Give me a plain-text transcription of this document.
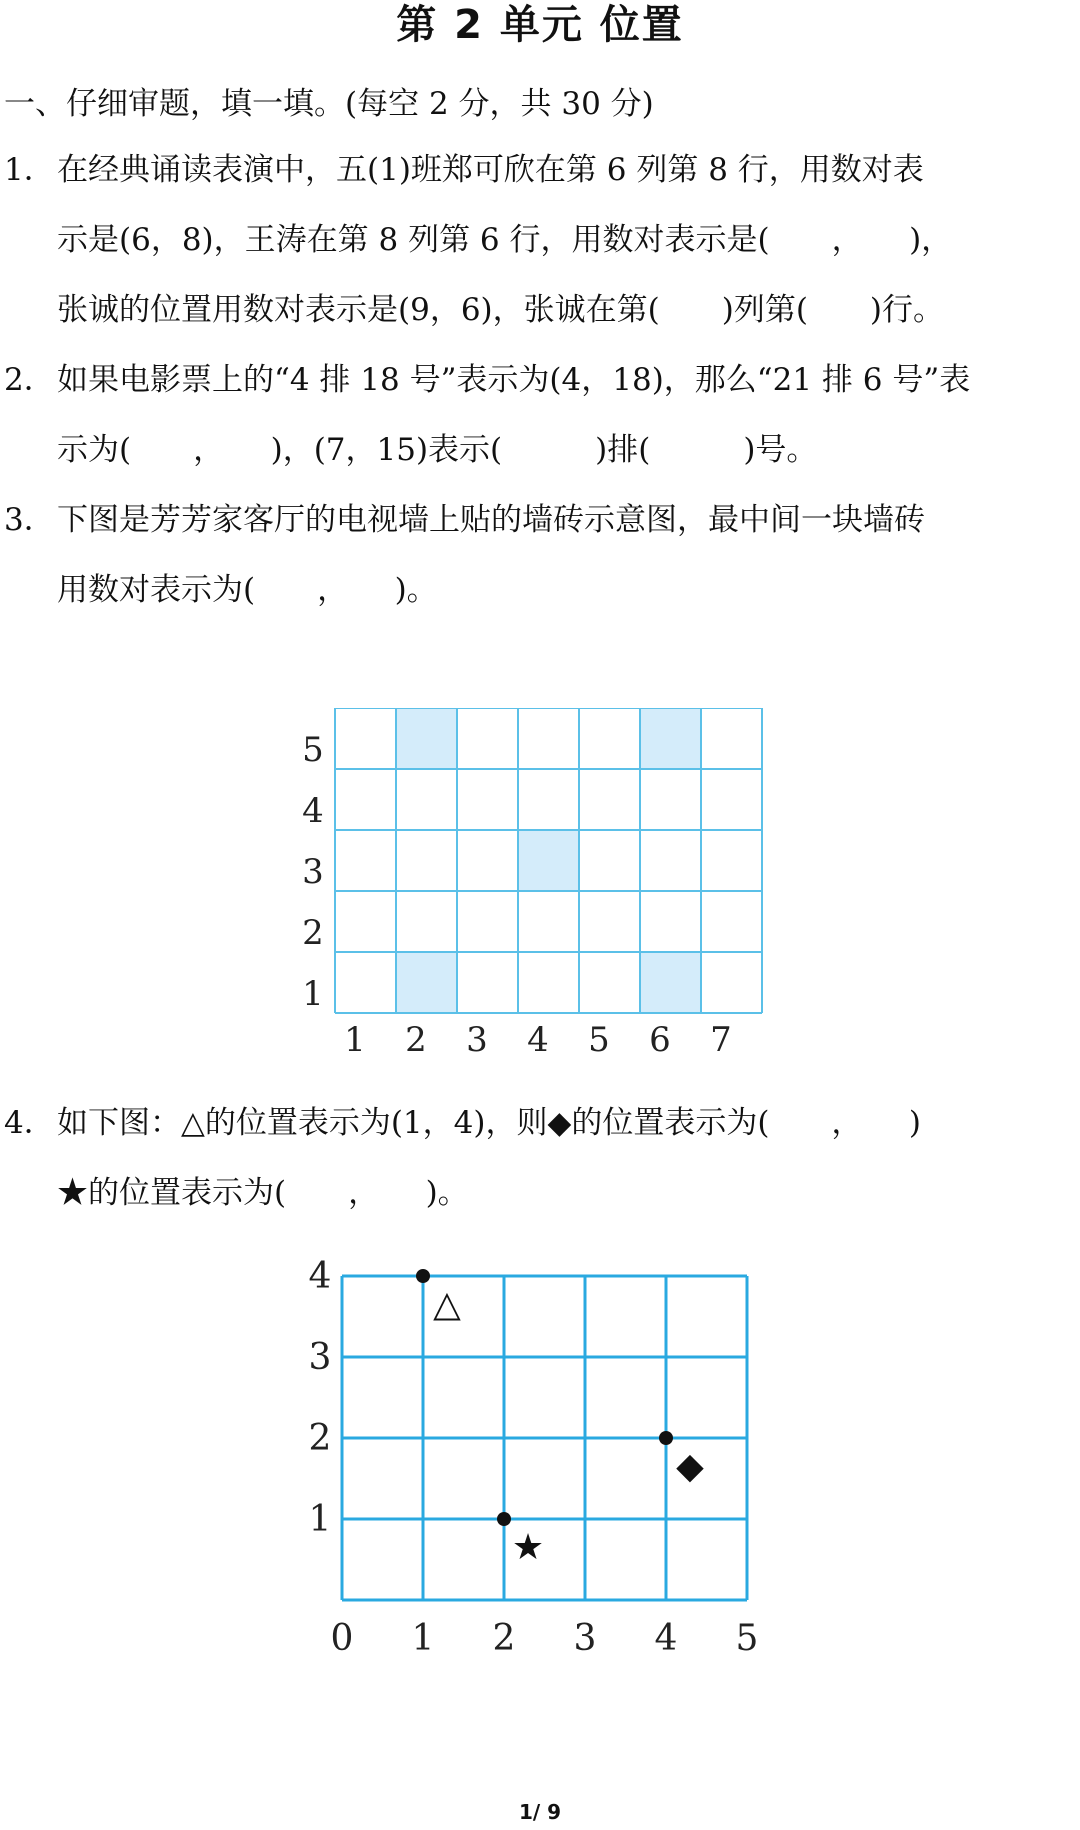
第 2 单元 位置
一、仔细审题，填一填。(每空 2 分，共 30 分)
1． 在经典诵读表演中，五(1)班郑可欣在第 6 列第 8 行，用数对表
示是(6，8)，王涛在第 8 列第 6 行，用数对表示是(　　，　　)，
张诚的位置用数对表示是(9，6)，张诚在第(　　)列第(　　)行。
2． 如果电影票上的“4 排 18 号”表示为(4，18)，那么“21 排 6 号”表
示为(　　，　　)，(7，15)表示(　　　)排(　　　)号。
3． 下图是芳芳家客厅的电视墙上贴的墙砖示意图，最中间一块墙砖
用数对表示为(　　，　　)。
1 2 3 4 5 6 7
1
2
3
4
5
4． 如下图：△的位置表示为(1，4)，则◆的位置表示为(　　，　　)
★的位置表示为(　　，　　)。
0 1 2 3 4 5
1
2
3
4
△
◆
★
1/ 9
